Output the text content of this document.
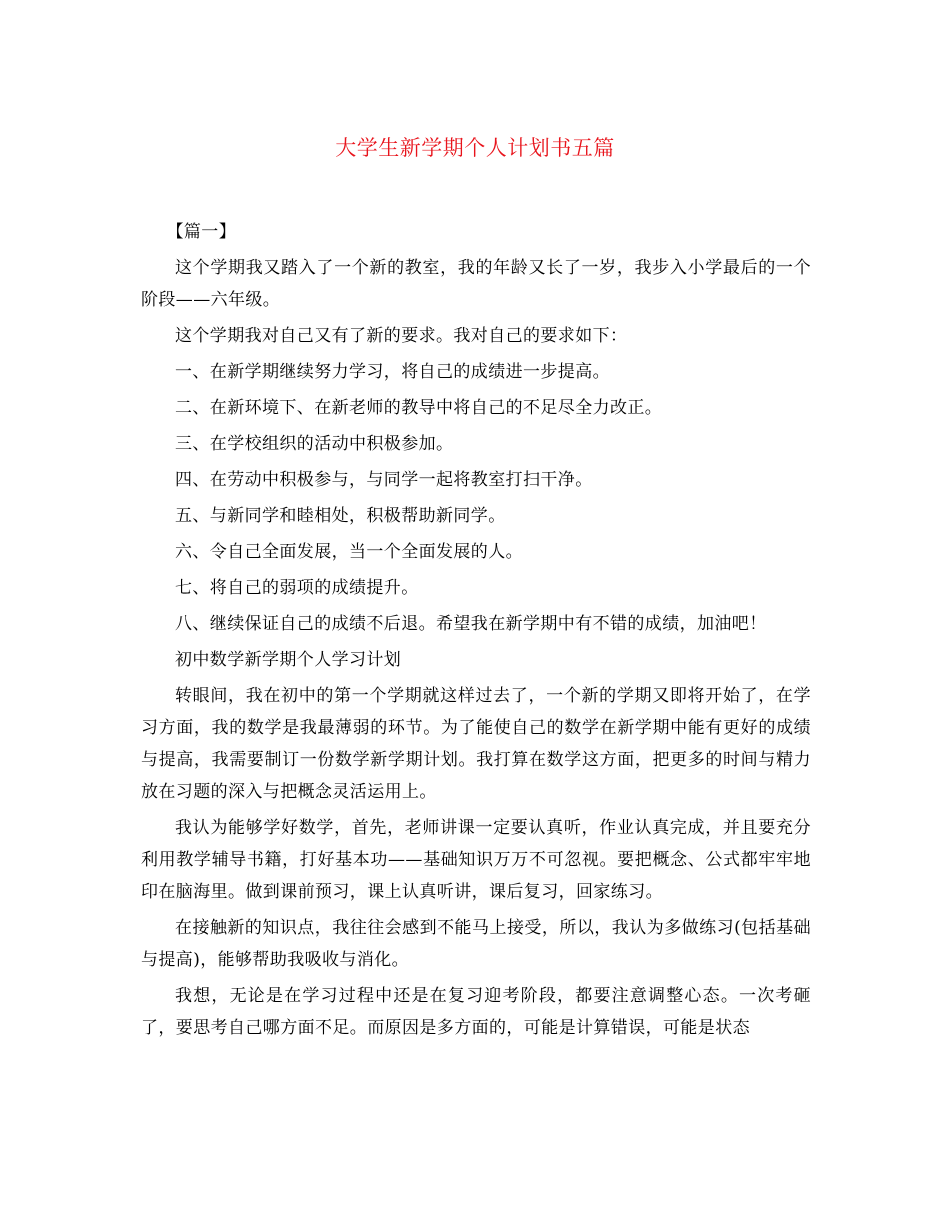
大学生新学期个人计划书五篇

【篇一】

这个学期我又踏入了一个新的教室，我的年龄又长了一岁，我步入小学最后的一个阶段——六年级。

这个学期我对自己又有了新的要求。我对自己的要求如下：

一、在新学期继续努力学习，将自己的成绩进一步提高。

二、在新环境下、在新老师的教导中将自己的不足尽全力改正。

三、在学校组织的活动中积极参加。

四、在劳动中积极参与，与同学一起将教室打扫干净。

五、与新同学和睦相处，积极帮助新同学。

六、令自己全面发展，当一个全面发展的人。

七、将自己的弱项的成绩提升。

八、继续保证自己的成绩不后退。希望我在新学期中有不错的成绩，加油吧！

初中数学新学期个人学习计划

转眼间，我在初中的第一个学期就这样过去了，一个新的学期又即将开始了，在学习方面，我的数学是我最薄弱的环节。为了能使自己的数学在新学期中能有更好的成绩与提高，我需要制订一份数学新学期计划。我打算在数学这方面，把更多的时间与精力放在习题的深入与把概念灵活运用上。

我认为能够学好数学，首先，老师讲课一定要认真听，作业认真完成，并且要充分利用教学辅导书籍，打好基本功——基础知识万万不可忽视。要把概念、公式都牢牢地印在脑海里。做到课前预习，课上认真听讲，课后复习，回家练习。

在接触新的知识点，我往往会感到不能马上接受，所以，我认为多做练习(包括基础与提高)，能够帮助我吸收与消化。

我想，无论是在学习过程中还是在复习迎考阶段，都要注意调整心态。一次考砸了，要思考自己哪方面不足。而原因是多方面的，可能是计算错误，可能是状态
